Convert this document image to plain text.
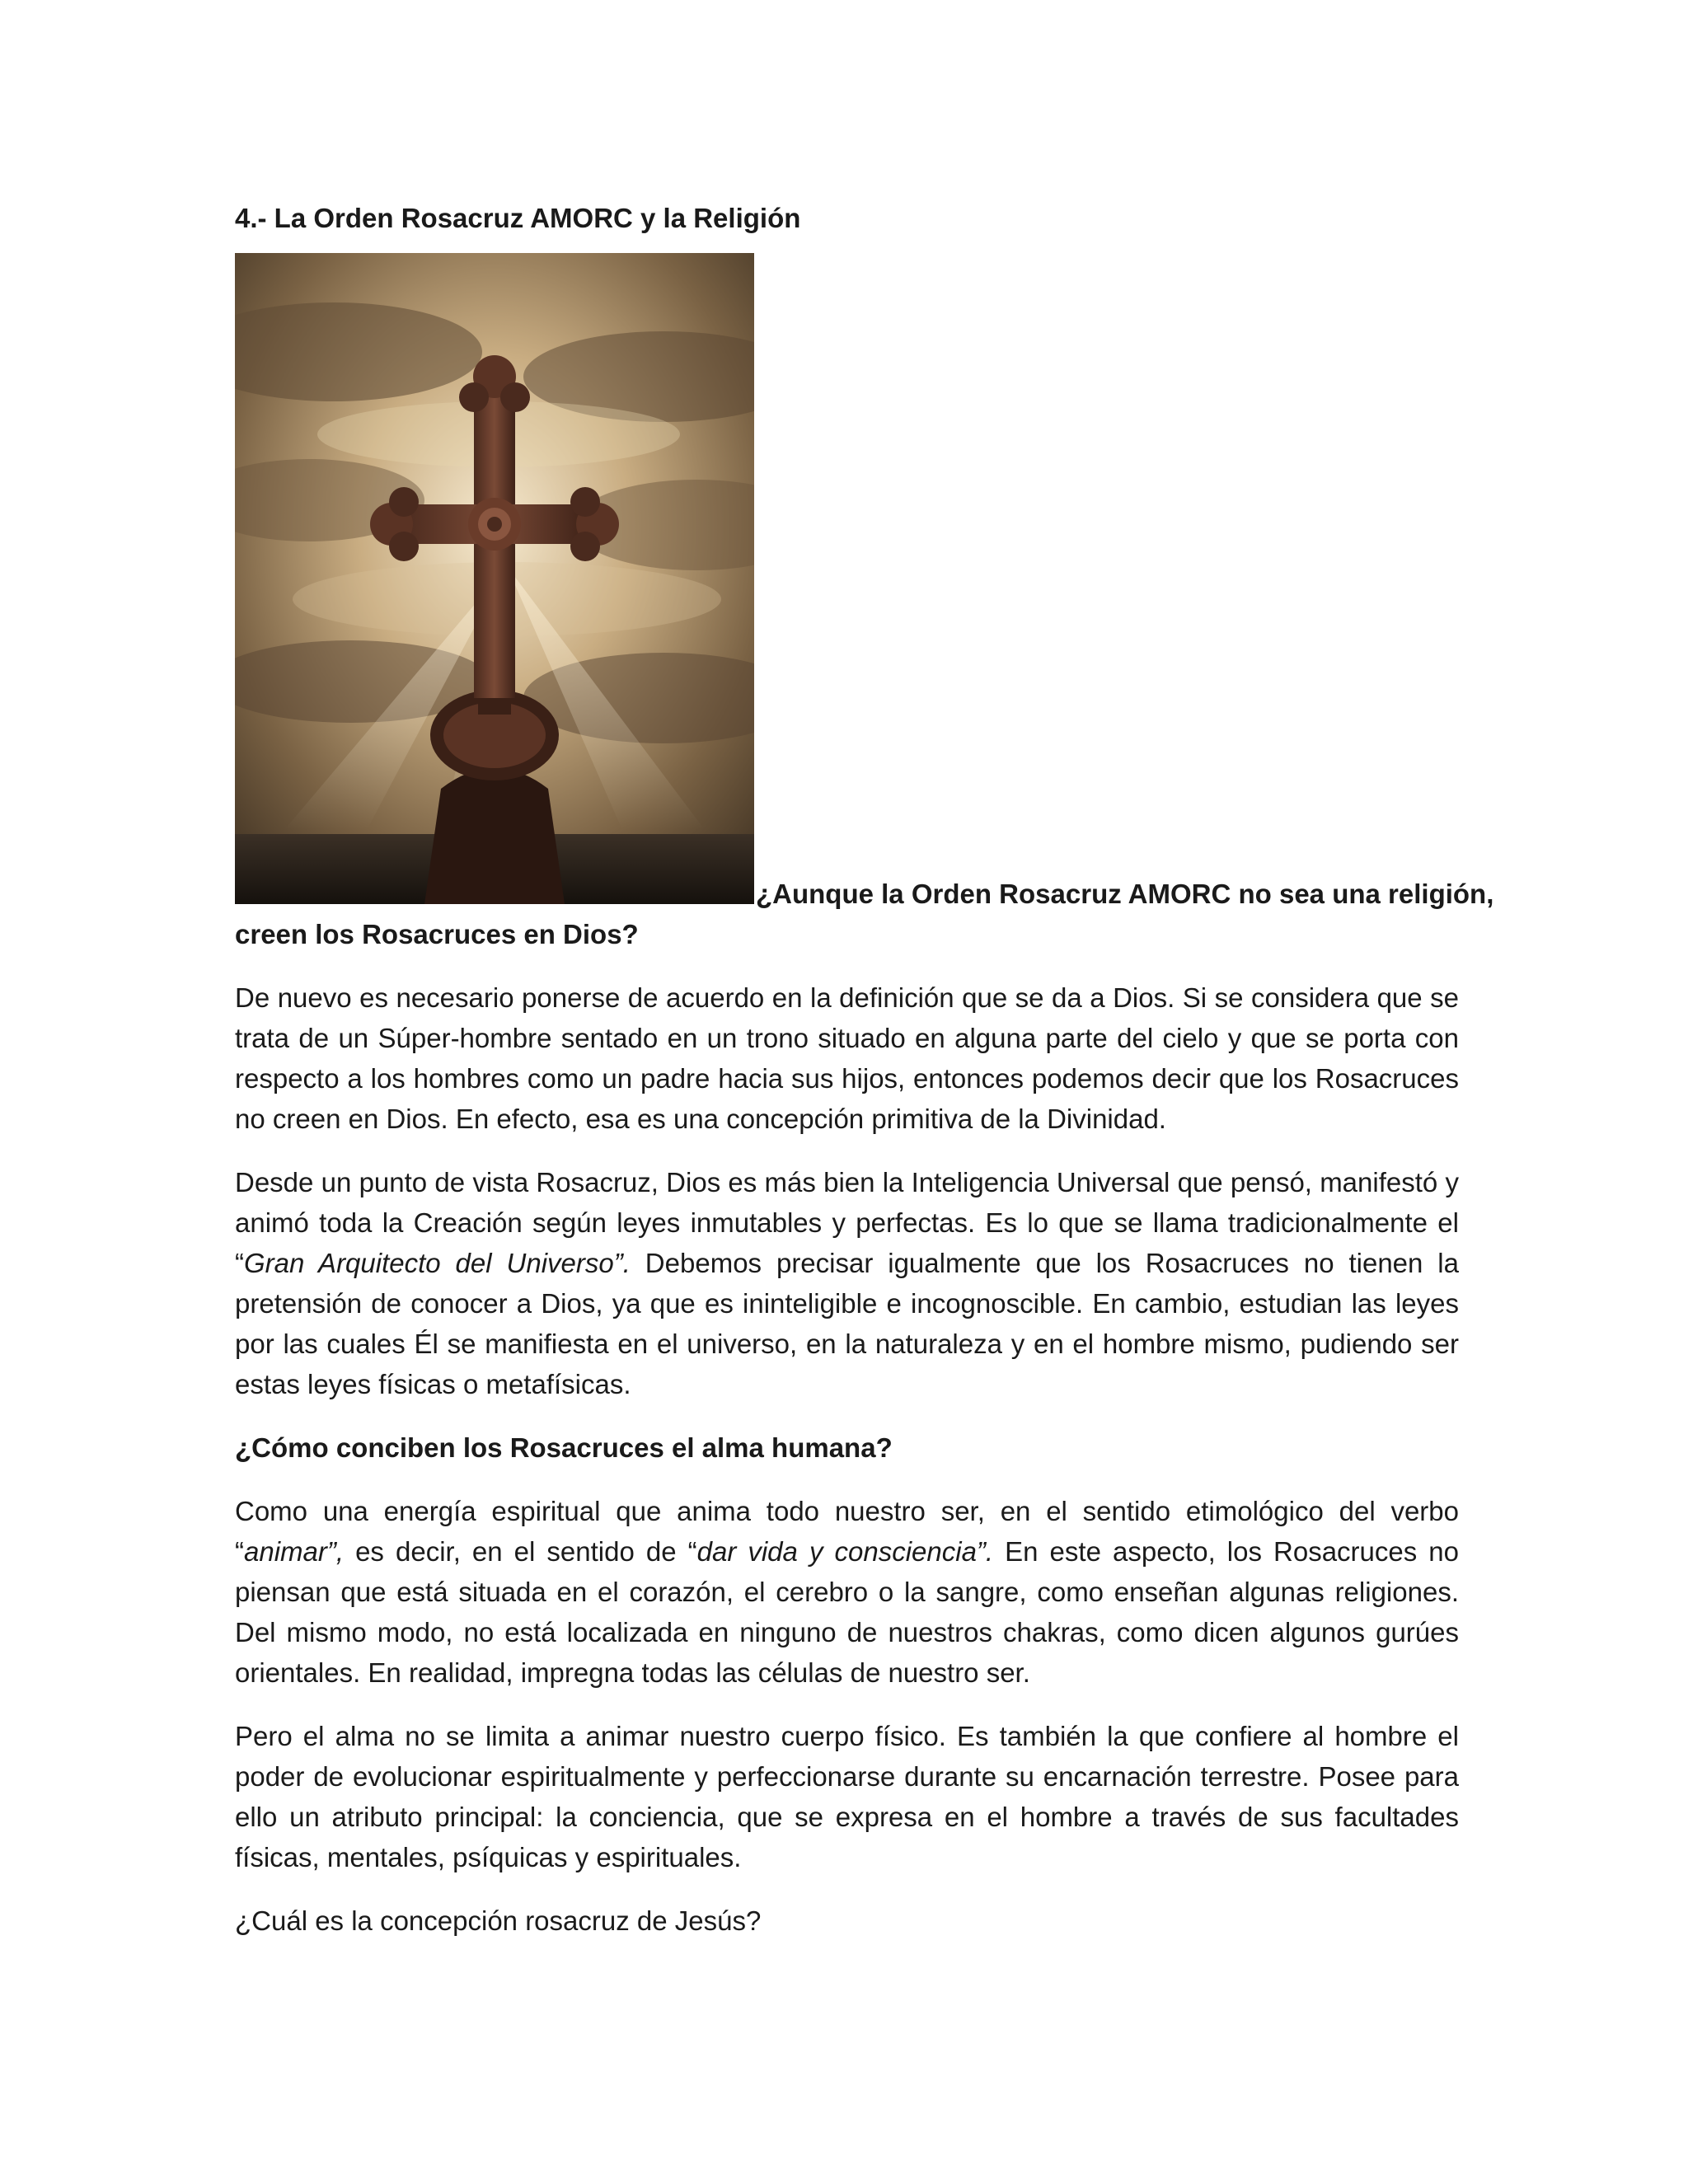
4.- La Orden Rosacruz AMORC y la Religión
¿Aunque la Orden Rosacruz AMORC no sea una religión,
creen los Rosacruces en Dios?

De nuevo es necesario ponerse de acuerdo en la definición que se da a Dios. Si se considera que se trata de un Súper-hombre sentado en un trono situado en alguna parte del cielo y que se porta con respecto a los hombres como un padre hacia sus hijos, entonces podemos decir que los Rosacruces no creen en Dios. En efecto, esa es una concepción primitiva de la Divinidad.

Desde un punto de vista Rosacruz, Dios es más bien la Inteligencia Universal que pensó, manifestó y animó toda la Creación según leyes inmutables y perfectas. Es lo que se llama tradicionalmente el “Gran Arquitecto del Universo”. Debemos precisar igualmente que los Rosacruces no tienen la pretensión de conocer a Dios, ya que es ininteligible e incognoscible. En cambio, estudian las leyes por las cuales Él se manifiesta en el universo, en la naturaleza y en el hombre mismo, pudiendo ser estas leyes físicas o metafísicas.

¿Cómo conciben los Rosacruces el alma humana?

Como una energía espiritual que anima todo nuestro ser, en el sentido etimológico del verbo “animar”, es decir, en el sentido de “dar vida y consciencia”. En este aspecto, los Rosacruces no piensan que está situada en el corazón, el cerebro o la sangre, como enseñan algunas religiones. Del mismo modo, no está localizada en ninguno de nuestros chakras, como dicen algunos gurúes orientales. En realidad, impregna todas las células de nuestro ser.

Pero el alma no se limita a animar nuestro cuerpo físico. Es también la que confiere al hombre el poder de evolucionar espiritualmente y perfeccionarse durante su encarnación terrestre. Posee para ello un atributo principal: la conciencia, que se expresa en el hombre a través de sus facultades físicas, mentales, psíquicas y espirituales.

¿Cuál es la concepción rosacruz de Jesús?
